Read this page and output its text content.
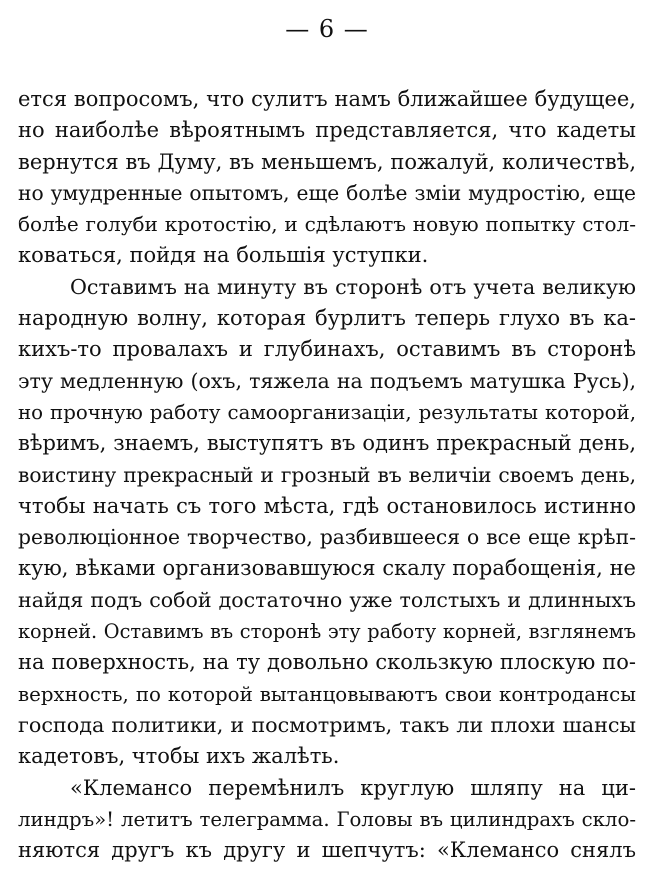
— 6 —

ется вопросомъ, что сулитъ намъ ближайшее будущее,
но наиболѣе вѣроятнымъ представляется, что кадеты
вернутся въ Думу, въ меньшемъ, пожалуй, количествѣ,
но умудренные опытомъ, еще болѣе змiи мудростiю, еще
болѣе голуби кротостiю, и сдѣлаютъ новую попытку стол-
коваться, пойдя на большiя уступки.

Оставимъ на минуту въ сторонѣ отъ учета великую
народную волну, которая бурлитъ теперь глухо въ ка-
кихъ-то провалахъ и глубинахъ, оставимъ въ сторонѣ
эту медленную (охъ, тяжела на подъемъ матушка Русь),
но прочную работу самоорганизацiи, результаты которой,
вѣримъ, знаемъ, выступятъ въ одинъ прекрасный день,
воистину прекрасный и грозный въ величiи своемъ день,
чтобы начать съ того мѣста, гдѣ остановилось истинно
революцiонное творчество, разбившееся о все еще крѣп-
кую, вѣками организовавшуюся скалу порабощенiя, не
найдя подъ собой достаточно уже толстыхъ и длинныхъ
корней. Оставимъ въ сторонѣ эту работу корней, взглянемъ
на поверхность, на ту довольно скользкую плоскую по-
верхность, по которой вытанцовываютъ свои контродансы
господа политики, и посмотримъ, такъ ли плохи шансы
кадетовъ, чтобы ихъ жалѣть.

«Клемансо перемѣнилъ круглую шляпу на ци-
линдръ»! летитъ телеграмма. Головы въ цилиндрахъ скло-
няются другъ къ другу и шепчутъ: «Клемансо снялъ
